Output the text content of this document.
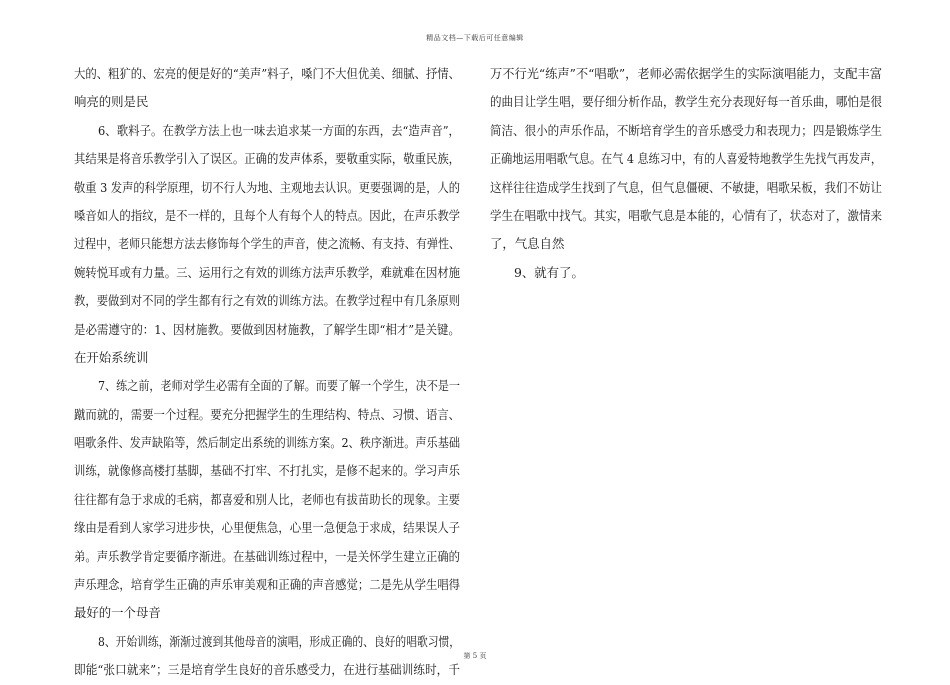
精品文档—下载后可任意编辑
大的、粗犷的、宏亮的便是好的“美声”料子，嗓门不大但优美、细腻、抒情、
响亮的则是民
6、歌料子。在教学方法上也一味去追求某一方面的东西，去“造声音”，
其结果是将音乐教学引入了误区。正确的发声体系，要敬重实际，敬重民族，
敬重 3 发声的科学原理，切不行人为地、主观地去认识。更要强调的是，人的
嗓音如人的指纹，是不一样的，且每个人有每个人的特点。因此，在声乐教学
过程中，老师只能想方法去修饰每个学生的声音，使之流畅、有支持、有弹性、
婉转悦耳或有力量。三、运用行之有效的训练方法声乐教学，难就难在因材施
教，要做到对不同的学生都有行之有效的训练方法。在教学过程中有几条原则
是必需遵守的：1、因材施教。要做到因材施教，了解学生即“相才”是关键。
在开始系统训
7、练之前，老师对学生必需有全面的了解。而要了解一个学生，决不是一
蹴而就的，需要一个过程。要充分把握学生的生理结构、特点、习惯、语言、
唱歌条件、发声缺陷等，然后制定出系统的训练方案。2、秩序渐进。声乐基础
训练，就像修高楼打基脚，基础不打牢、不打扎实，是修不起来的。学习声乐
往往都有急于求成的毛病，都喜爱和别人比，老师也有拔苗助长的现象。主要
缘由是看到人家学习进步快，心里便焦急，心里一急便急于求成，结果误人子
弟。声乐教学肯定要循序渐进。在基础训练过程中，一是关怀学生建立正确的
声乐理念，培育学生正确的声乐审美观和正确的声音感觉；二是先从学生唱得
最好的一个母音
8、开始训练，渐渐过渡到其他母音的演唱，形成正确的、良好的唱歌习惯，
即能“张口就来”；三是培育学生良好的音乐感受力，在进行基础训练时，千
万不行光“练声”不“唱歌”，老师必需依据学生的实际演唱能力，支配丰富
的曲目让学生唱，要仔细分析作品，教学生充分表现好每一首乐曲，哪怕是很
简洁、很小的声乐作品，不断培育学生的音乐感受力和表现力；四是锻炼学生
正确地运用唱歌气息。在气 4 息练习中，有的人喜爱特地教学生先找气再发声，
这样往往造成学生找到了气息，但气息僵硬、不敏捷，唱歌呆板，我们不妨让
学生在唱歌中找气。其实，唱歌气息是本能的，心情有了，状态对了，激情来
了，气息自然
9、就有了。
第 5 页
